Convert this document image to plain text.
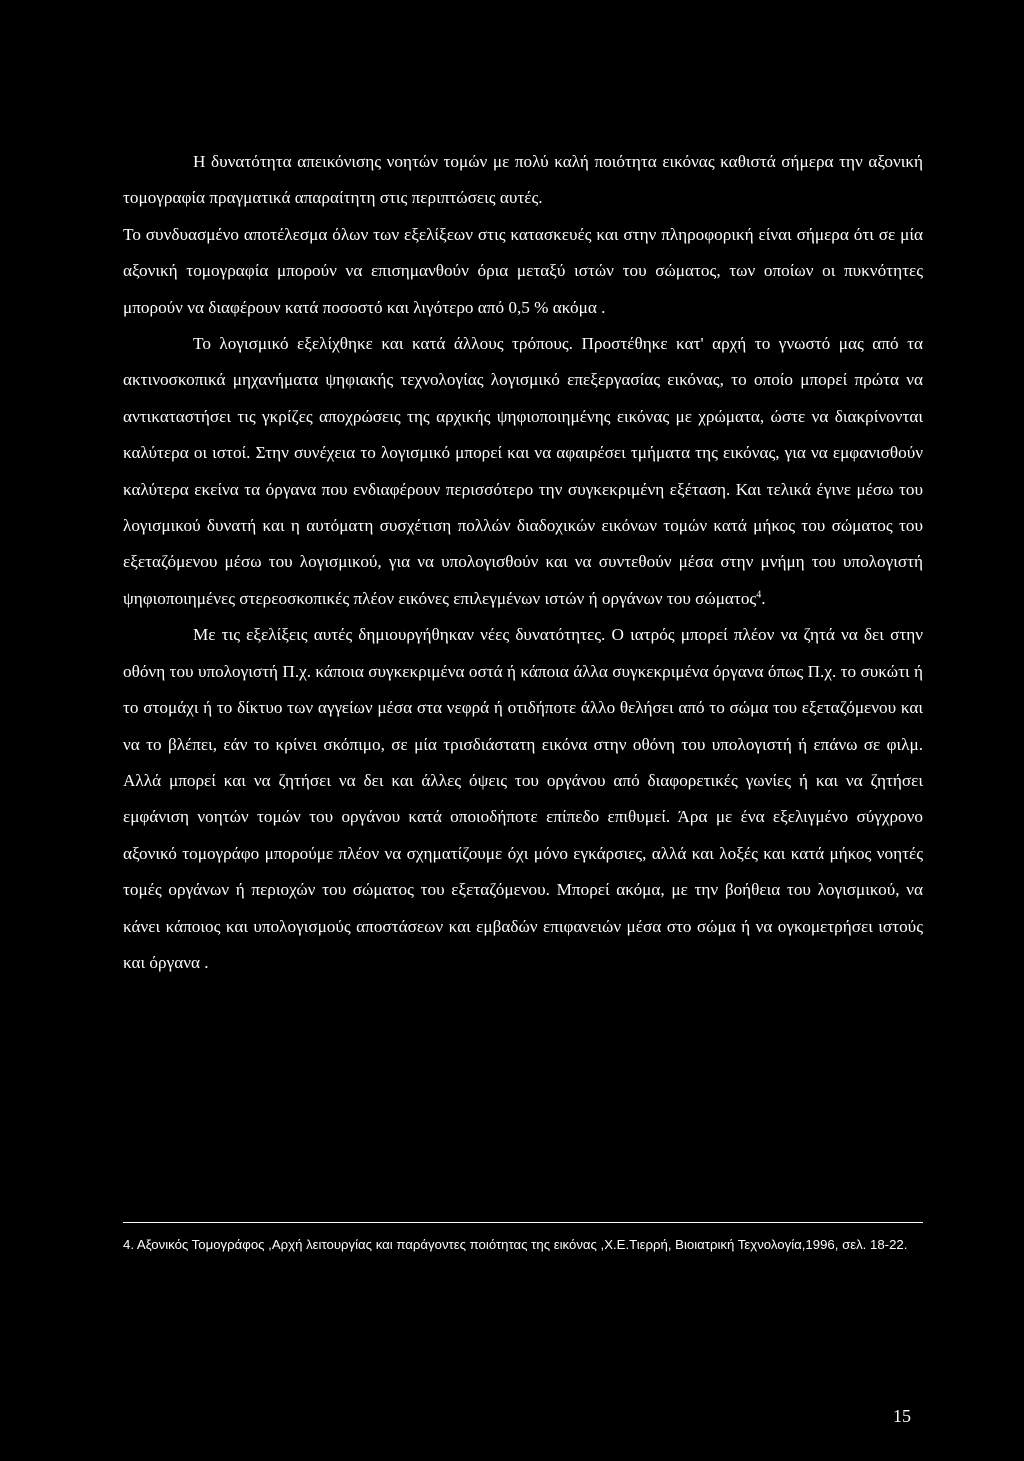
Η δυνατότητα απεικόνισης νοητών τομών με πολύ καλή ποιότητα εικόνας καθιστά σήμερα την αξονική τομογραφία πραγματικά απαραίτητη στις περιπτώσεις αυτές.

Το συνδυασμένο αποτέλεσμα όλων των εξελίξεων στις κατασκευές και στην πληροφορική είναι σήμερα ότι σε μία αξονική τομογραφία μπορούν να επισημανθούν όρια μεταξύ ιστών του σώματος, των οποίων οι πυκνότητες μπορούν να διαφέρουν κατά ποσοστό και λιγότερο από 0,5 % ακόμα .

Το λογισμικό εξελίχθηκε και κατά άλλους τρόπους. Προστέθηκε κατ' αρχή το γνωστό μας από τα ακτινοσκοπικά μηχανήματα ψηφιακής τεχνολογίας λογισμικό επεξεργασίας εικόνας, το οποίο μπορεί πρώτα να αντικαταστήσει τις γκρίζες αποχρώσεις της αρχικής ψηφιοποιημένης εικόνας με χρώματα, ώστε να διακρίνονται καλύτερα οι ιστοί. Στην συνέχεια το λογισμικό μπορεί και να αφαιρέσει τμήματα της εικόνας, για να εμφανισθούν καλύτερα εκείνα τα όργανα που ενδιαφέρουν περισσότερο την συγκεκριμένη εξέταση. Και τελικά έγινε μέσω του λογισμικού δυνατή και η αυτόματη συσχέτιση πολλών διαδοχικών εικόνων τομών κατά μήκος του σώματος του εξεταζόμενου μέσω του λογισμικού, για να υπολογισθούν και να συντεθούν μέσα στην μνήμη του υπολογιστή ψηφιοποιημένες στερεοσκοπικές πλέον εικόνες επιλεγμένων ιστών ή οργάνων του σώματος$^4$.

Με τις εξελίξεις αυτές δημιουργήθηκαν νέες δυνατότητες. Ο ιατρός μπορεί πλέον να ζητά να δει στην οθόνη του υπολογιστή Π.χ. κάποια συγκεκριμένα οστά ή κάποια άλλα συγκεκριμένα όργανα όπως Π.χ. το συκώτι ή το στομάχι ή το δίκτυο των αγγείων μέσα στα νεφρά ή οτιδήποτε άλλο θελήσει από το σώμα του εξεταζόμενου και να το βλέπει, εάν το κρίνει σκόπιμο, σε μία τρισδιάστατη εικόνα στην οθόνη του υπολογιστή ή επάνω σε φιλμ. Αλλά μπορεί και να ζητήσει να δει και άλλες όψεις του οργάνου από διαφορετικές γωνίες ή και να ζητήσει εμφάνιση νοητών τομών του οργάνου κατά οποιοδήποτε επίπεδο επιθυμεί. Άρα με ένα εξελιγμένο σύγχρονο αξονικό τομογράφο μπορούμε πλέον να σχηματίζουμε όχι μόνο εγκάρσιες, αλλά και λοξές και κατά μήκος νοητές τομές οργάνων ή περιοχών του σώματος του εξεταζόμενου. Μπορεί ακόμα, με την βοήθεια του λογισμικού, να κάνει κάποιος και υπολογισμούς αποστάσεων και εμβαδών επιφανειών μέσα στο σώμα ή να ογκομετρήσει ιστούς και όργανα .

4. Αξονικός Τομογράφος ,Αρχή λειτουργίας και παράγοντες ποιότητας της εικόνας ,Χ.Ε.Τιερρή, Βιοιατρική Τεχνολογία,1996, σελ. 18-22.
15
